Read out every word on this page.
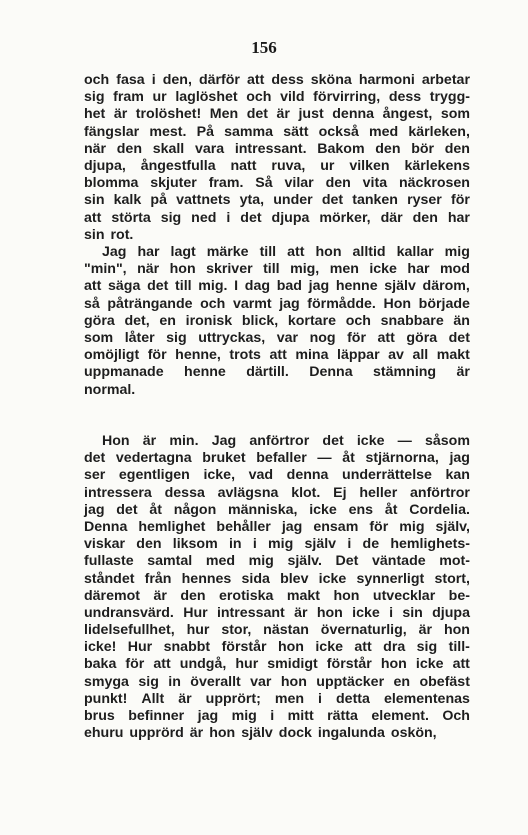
156
och fasa i den, därför att dess sköna harmoni arbetar
sig fram ur laglöshet och vild förvirring, dess trygg-
het är trolöshet! Men det är just denna ångest, som
fängslar mest. På samma sätt också med kärleken,
när den skall vara intressant. Bakom den bör den
djupa, ångestfulla natt ruva, ur vilken kärlekens
blomma skjuter fram. Så vilar den vita näckrosen
sin kalk på vattnets yta, under det tanken ryser för
att störta sig ned i det djupa mörker, där den har
sin rot.
Jag har lagt märke till att hon alltid kallar mig
"min", när hon skriver till mig, men icke har mod
att säga det till mig. I dag bad jag henne själv därom,
så påträngande och varmt jag förmådde. Hon började
göra det, en ironisk blick, kortare och snabbare än
som låter sig uttryckas, var nog för att göra det
omöjligt för henne, trots att mina läppar av all makt
uppmanade henne därtill. Denna stämning är
normal.
Hon är min. Jag anförtror det icke — såsom
det vedertagna bruket befaller — åt stjärnorna, jag
ser egentligen icke, vad denna underrättelse kan
intressera dessa avlägsna klot. Ej heller anförtror
jag det åt någon människa, icke ens åt Cordelia.
Denna hemlighet behåller jag ensam för mig själv,
viskar den liksom in i mig själv i de hemlighets-
fullaste samtal med mig själv. Det väntade mot-
ståndet från hennes sida blev icke synnerligt stort,
däremot är den erotiska makt hon utvecklar be-
undransvärd. Hur intressant är hon icke i sin djupa
lidelsefullhet, hur stor, nästan övernaturlig, är hon
icke! Hur snabbt förstår hon icke att dra sig till-
baka för att undgå, hur smidigt förstår hon icke att
smyga sig in överallt var hon upptäcker en obefäst
punkt! Allt är upprört; men i detta elementenas
brus befinner jag mig i mitt rätta element. Och
ehuru upprörd är hon själv dock ingalunda oskön,
